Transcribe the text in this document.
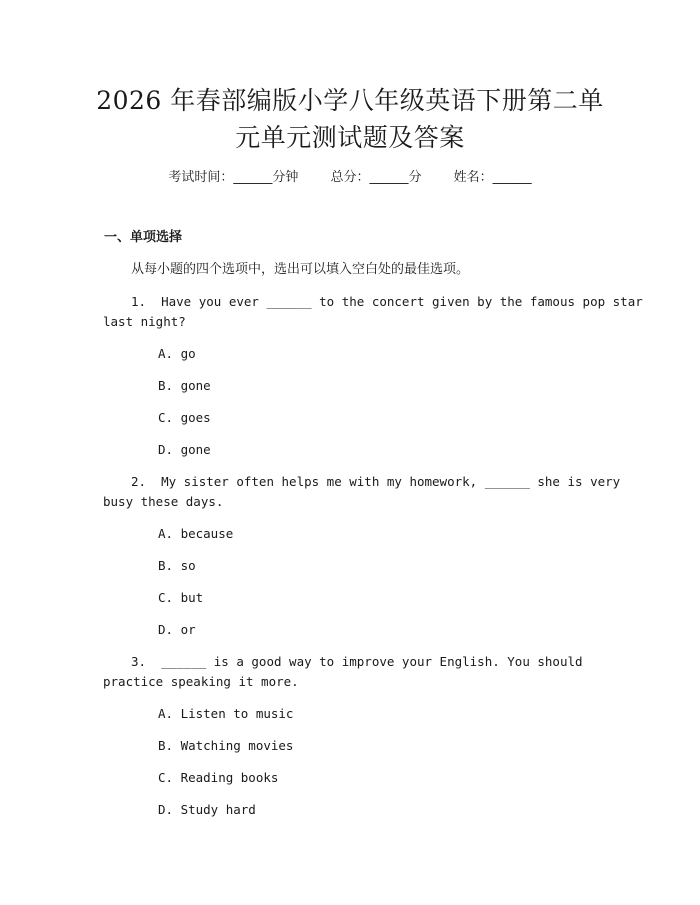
2026 年春部编版小学八年级英语下册第二单
元单元测试题及答案
考试时间：______分钟 总分：______分 姓名：______
一、单项选择
从每小题的四个选项中，选出可以填入空白处的最佳选项。
1.  Have you ever ______ to the concert given by the famous pop star
last night?
A. go
B. gone
C. goes
D. gone
2.  My sister often helps me with my homework, ______ she is very
busy these days.
A. because
B. so
C. but
D. or
3.  ______ is a good way to improve your English. You should
practice speaking it more.
A. Listen to music
B. Watching movies
C. Reading books
D. Study hard
